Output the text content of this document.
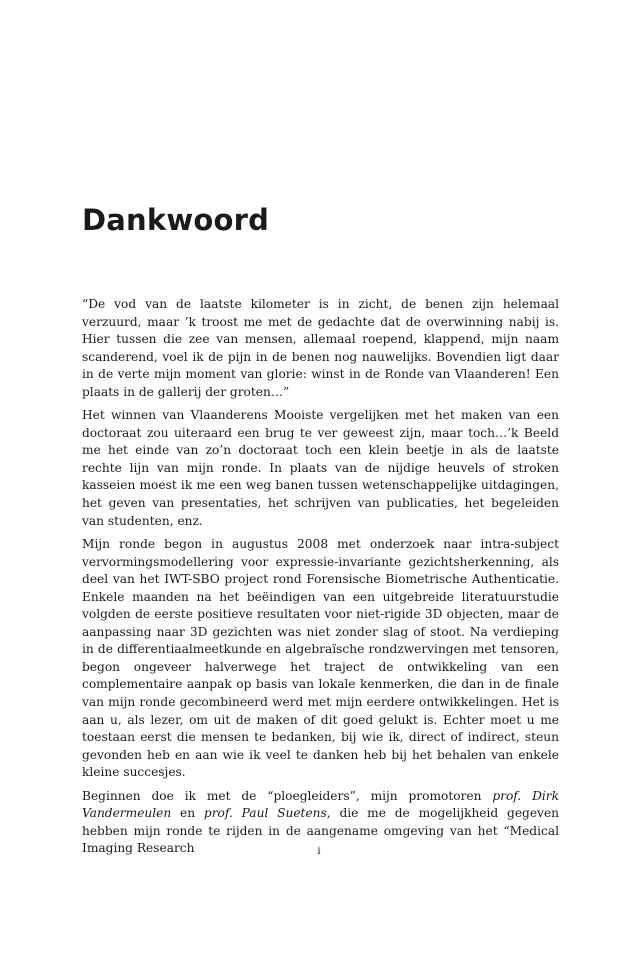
Dankwoord

“De vod van de laatste kilometer is in zicht, de benen zijn helemaal verzuurd, maar ’k troost me met de gedachte dat de overwinning nabij is. Hier tussen die zee van mensen, allemaal roepend, klappend, mijn naam scanderend, voel ik de pijn in de benen nog nauwelijks. Bovendien ligt daar in de verte mijn moment van glorie: winst in de Ronde van Vlaanderen! Een plaats in de gallerij der groten…”

Het winnen van Vlaanderens Mooiste vergelijken met het maken van een doctoraat zou uiteraard een brug te ver geweest zijn, maar toch…’k Beeld me het einde van zo’n doctoraat toch een klein beetje in als de laatste rechte lijn van mijn ronde. In plaats van de nijdige heuvels of stroken kasseien moest ik me een weg banen tussen wetenschappelijke uitdagingen, het geven van presentaties, het schrijven van publicaties, het begeleiden van studenten, enz.

Mijn ronde begon in augustus 2008 met onderzoek naar intra-subject vervormingsmodellering voor expressie-invariante gezichtsherkenning, als deel van het IWT-SBO project rond Forensische Biometrische Authenticatie. Enkele maanden na het beëindigen van een uitgebreide literatuurstudie volgden de eerste positieve resultaten voor niet-rigide 3D objecten, maar de aanpassing naar 3D gezichten was niet zonder slag of stoot. Na verdieping in de differentiaalmeetkunde en algebraïsche rondzwervingen met tensoren, begon ongeveer halverwege het traject de ontwikkeling van een complementaire aanpak op basis van lokale kenmerken, die dan in de finale van mijn ronde gecombineerd werd met mijn eerdere ontwikkelingen. Het is aan u, als lezer, om uit de maken of dit goed gelukt is. Echter moet u me toestaan eerst die mensen te bedanken, bij wie ik, direct of indirect, steun gevonden heb en aan wie ik veel te danken heb bij het behalen van enkele kleine succesjes.

Beginnen doe ik met de “ploegleiders”, mijn promotoren prof. Dirk Vandermeulen en prof. Paul Suetens, die me de mogelijkheid gegeven hebben mijn ronde te rijden in de aangename omgeving van het “Medical Imaging Research	i
